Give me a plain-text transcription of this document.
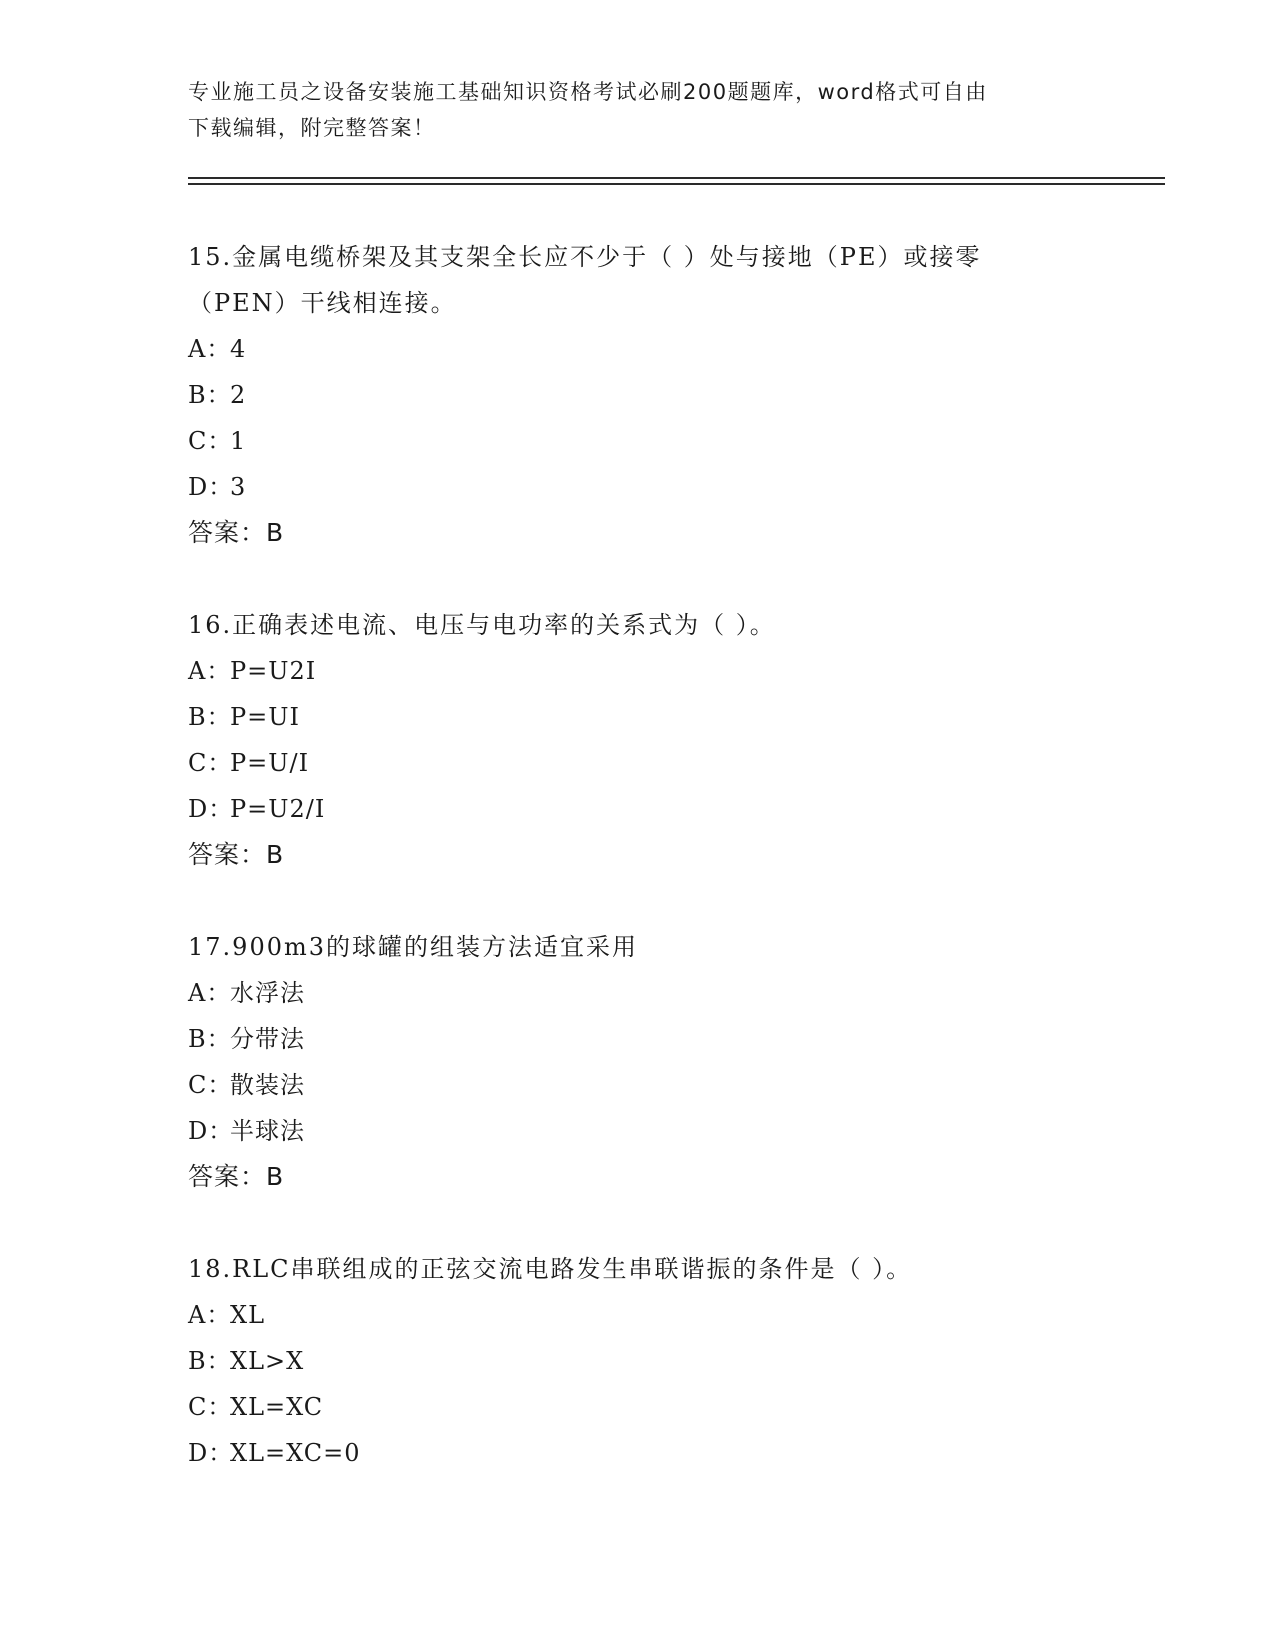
专业施工员之设备安装施工基础知识资格考试必刷200题题库，word格式可自由
下载编辑，附完整答案！
15.金属电缆桥架及其支架全长应不少于（ ）处与接地（PE）或接零
（PEN）干线相连接。
A：4
B：2
C：1
D：3
答案：B
16.正确表述电流、电压与电功率的关系式为（ ）。
A：P=U2I
B：P=UI
C：P=U/I
D：P=U2/I
答案：B
17.900m3的球罐的组装方法适宜采用
A：水浮法
B：分带法
C：散装法
D：半球法
答案：B
18.RLC串联组成的正弦交流电路发生串联谐振的条件是（ ）。
A：XL
B：XL>X
C：XL=XC
D：XL=XC=0
